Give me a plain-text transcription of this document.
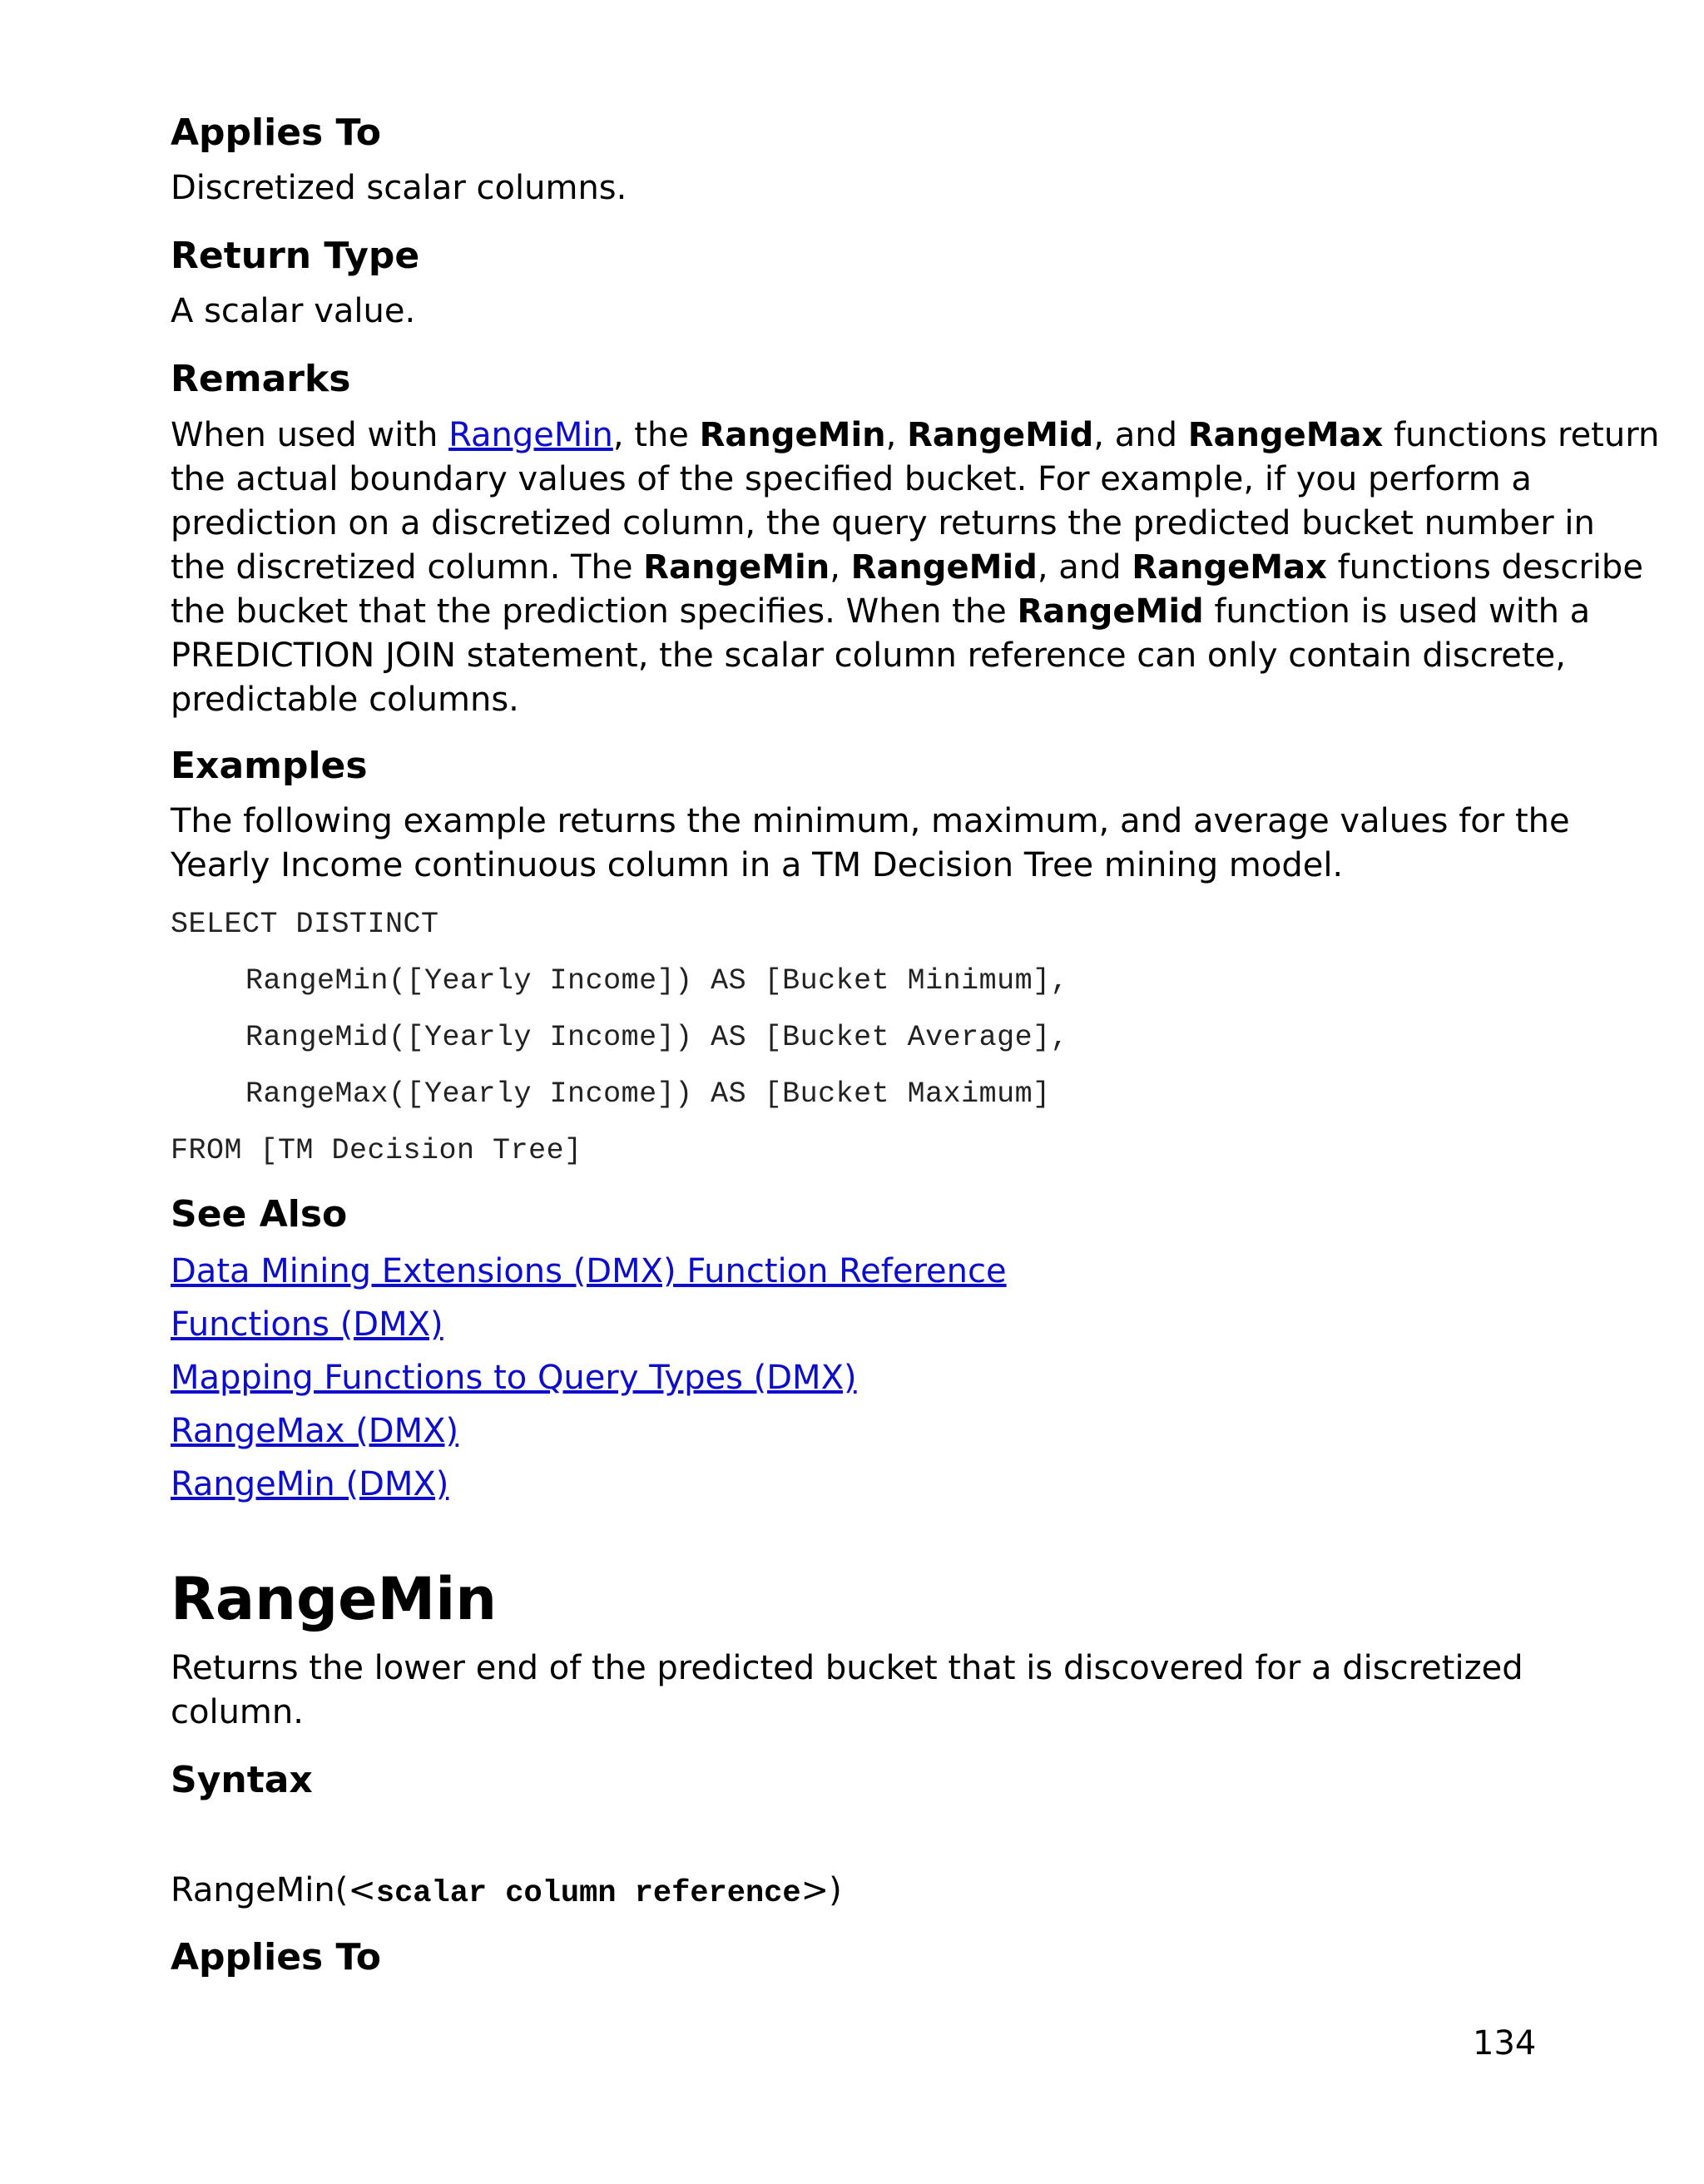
Applies To
Discretized scalar columns.
Return Type
A scalar value.
Remarks
When used with RangeMin, the RangeMin, RangeMid, and RangeMax functions return
the actual boundary values of the specified bucket. For example, if you perform a
prediction on a discretized column, the query returns the predicted bucket number in
the discretized column. The RangeMin, RangeMid, and RangeMax functions describe
the bucket that the prediction specifies. When the RangeMid function is used with a
PREDICTION JOIN statement, the scalar column reference can only contain discrete,
predictable columns.
Examples
The following example returns the minimum, maximum, and average values for the
Yearly Income continuous column in a TM Decision Tree mining model.
SELECT DISTINCT
RangeMin([Yearly Income]) AS [Bucket Minimum],
RangeMid([Yearly Income]) AS [Bucket Average],
RangeMax([Yearly Income]) AS [Bucket Maximum]
FROM [TM Decision Tree]
See Also
Data Mining Extensions (DMX) Function Reference
Functions (DMX)
Mapping Functions to Query Types (DMX)
RangeMax (DMX)
RangeMin (DMX)
RangeMin
Returns the lower end of the predicted bucket that is discovered for a discretized
column.
Syntax
RangeMin(<scalar column reference>)
Applies To
134
